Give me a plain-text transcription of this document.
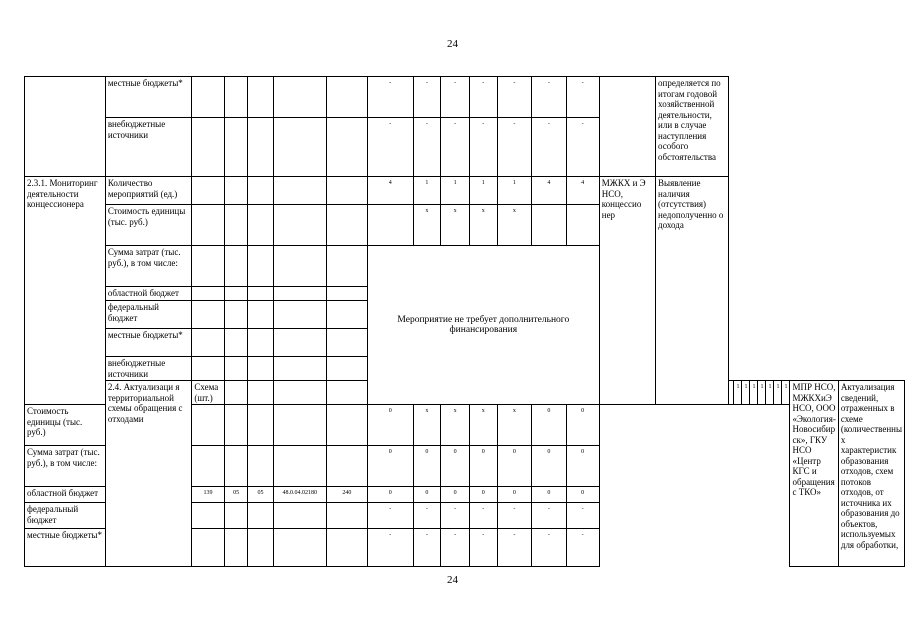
24
	местные бюджеты*						-	-	-	-	-	-	-		определяется по итогам годовой хозяйственной деятельности, или в случае наступления особого обстоятельства										
	внебюджетные источники						-	-	-	-	-	-	-												
2.3.1. Мониторинг деятельности концессионера	Количество мероприятий (ед.)						4	1	1	1	1	4	4	МЖКХ и Э НСО, концессио нер	Выявление наличия (отсутствия) недополученно о дохода										
	Стоимость единицы (тыс. руб.)							x	x	x	x														
	Сумма затрат (тыс. руб.), в том числе:						Мероприятие не требует дополнительного финансирования																		
	областной бюджет																								
	федеральный бюджет																								
	местные бюджеты*																								
	внебюджетные источники																								
	2.4. Актуализаци я территориальной схемы обращения с отходами	Схема (шт.)															1	1	1	1	1	1	1	МПР НСО, МЖКХиЭ НСО, ООО «Экология-Новосибир ск», ГКУ НСО «Центр КГС и обращения с ТКО»	Актуализация сведений, отраженных в схеме (количественны х характеристик образования отходов, схем потоков отходов, от источника их образования до объектов, используемых для обработки,
Стоимость единицы (тыс. руб.)							0	x	x	x	x	0	0												
Сумма затрат (тыс. руб.), в том числе:							0	0	0	0	0	0	0												
областной бюджет		139	05	05	48.0.04.02180	240	0	0	0	0	0	0	0												
федеральный бюджет							-	-	-	-	-	-	-												
местные бюджеты*							-	-	-	-	-	-	-												
24
